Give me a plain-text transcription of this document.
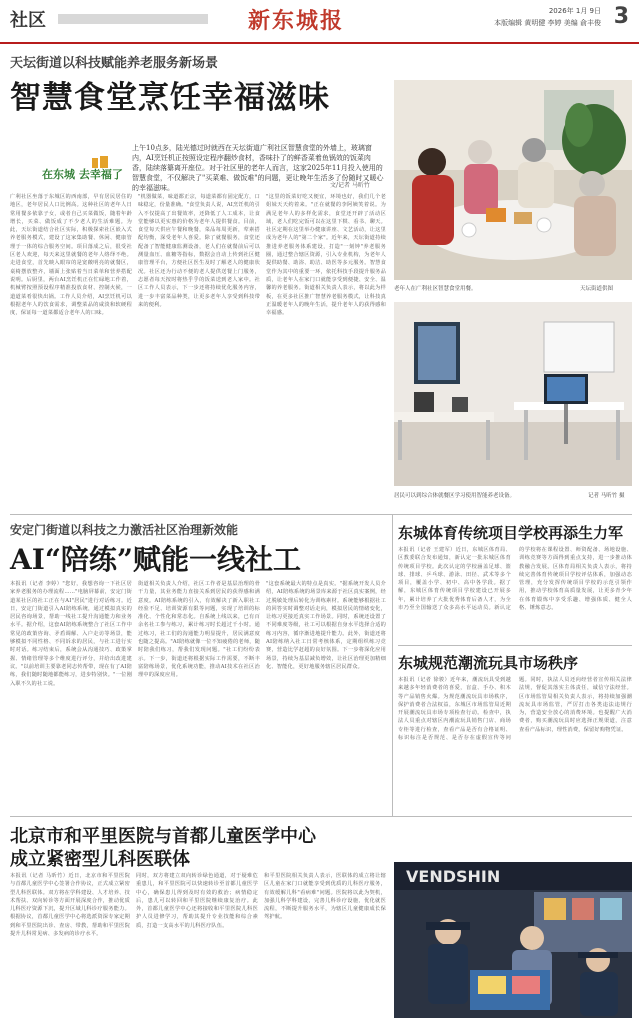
社区	新东城报	2026年 1月 9日
本版编辑 黄明健 李婷 美编 俞丰俊 3
天坛街道以科技赋能养老服务新场景
智慧食堂烹饪幸福滋味
在东城 去幸福了
上午10点多，陆光德过时就西在天坛街道广利社区智慧食堂的外墙上，玻璃窗内，AI烹饪机正按照设定程序翻炒食材，香味扑了的鲜香菜着鱼锅效的饭菜肉香，陆续落纂离开座位。对于社区里的老年人而言，这家2025年11月投入使用的智慧食堂，不仅解决了"买菜难、做饭难"的问题，更让晚年生活多了份随时又暖心的幸福滋味。	文/记者 马昕竹
广利社区坐落于东城区的西南部，早有居民居住的地区，老年居民人口比例高。这种社区的老年人日常用餐多依靠子女，或者自己买菜做饭，随着年龄增长，买菜、做饭成了不少老人的生活难题。为此，天坛街道结合社区实际，积极探索社区嵌入式养老服务模式，建设了这家集助餐、休闲、健康管理于一体的综合服务空间。项目落成之后，很受社区老人欢迎，每天来这里就餐的老年人络绎不绝。走进食堂，首先映入眼帘的是宽敞明亮的就餐区，桌椅摆放整齐，墙面上张贴着当日菜单和营养搭配说明。后厨里，两台AI烹饪机正在忙碌地工作着，机械臂按照预设程序精准投放食材、控制火候，一道道菜肴很快出锅。工作人员介绍，AI烹饪机可以根据老年人的饮食需求，调整菜品的咸淡和软硬程度，保证每一道菜都适合老年人的口味。
"机器做菜，味道都正宗，每道菜都有固定配方，口味稳定，份量准确。"食堂负责人说，AI烹饪机的引入不仅提高了出餐效率，还降低了人工成本，让食堂能够以更实惠的价格为老年人提供餐食。目前，食堂每天供应午餐和晚餐，菜品每周更新，荤素搭配均衡，深受老年人喜爱。除了就餐服务，食堂还配备了智能健康监测设备，老人们在就餐前后可以测量血压、血糖等指标，数据会自动上传到社区健康管理平台，方便社区医生及时了解老人的健康状况。社区还为行动不便的老人提供送餐上门服务，志愿者每天按时将热乎乎的饭菜送到老人家中。社区工作人员表示，下一步还将持续优化服务内容，进一步丰富菜品种类，让更多老年人享受到科技带来的便利。
"这里的饭菜好吃又便宜，环境也好，我们几个老姐妹天天约着来。"正在就餐的李阿姨笑着说。为满足老年人的多样化需求，食堂还开辟了活动区域，老人们吃完饭可以在这里下棋、看书、聊天。社区定期在这里举办健康讲座、文艺活动，让这里成为老年人的"第二个家"。近年来，天坛街道持续推进养老服务体系建设，打造"一刻钟"养老服务圈，通过整合辖区资源，引入专业机构，为老年人提供助餐、助浴、助洁、助医等多元服务。智慧食堂作为其中的重要一环，依托科技手段提升服务品质，让老年人在家门口就能享受到便捷、安全、温馨的养老服务。街道相关负责人表示，将以此为样板，在更多社区推广智慧养老服务模式，让科技真正温暖老年人的晚年生活，提升老年人的获得感和幸福感。
老年人在广利社区智慧食堂用餐。	天坛街道供图
居民可以到综合体就餐区学习使用智能养老设备。	记者 马昕竹 摄
安定门街道以科技之力激活社区治理新效能
AI“陪练”赋能一线社工
本报讯（记者 李婷）"您好，我想咨询一下社区居家养老服务的办理流程……"电脑屏幕前，安定门街道某社区的社工正在与AI"居民"进行对话练习。近日，安定门街道引入AI陪练系统，通过模拟真实的居民咨询场景，帮助一线社工提升沟通能力和业务水平。据介绍，这套AI陪练系统整合了社区工作中常见的政策咨询、矛盾调解、入户走访等场景，能够模拟不同性格、不同诉求的居民，与社工进行实时对话。练习结束后，系统会从沟通技巧、政策掌握、情绪管理等多个维度进行评分，并给出改进建议。"以前培训主要靠老同志传帮带，现在有了AI陪练，我们随时随地都能练习，进步特别快。"一位刚入职不久的社工说。
街道相关负责人介绍，社区工作者是基层治理的骨干力量，其业务能力直接关系到居民的获得感和满意度。AI陪练系统的引入，有效解决了新入职社工经验不足、培训资源有限等问题，实现了培训的标准化、个性化和常态化。自系统上线以来，已有百余名社工参与练习，累计练习时长超过千小时。通过练习，社工们的沟通能力明显提升，居民满意度也随之提高。"AI陪练就像一位不知疲倦的老师，随时陪我们练习，帮我们发现问题。"社工们纷纷表示。下一步，街道还将根据实际工作需要，不断丰富陪练场景，优化系统功能，推动AI技术在社区治理中的深度应用。
"这套系统最大的特点是真实。"据系统开发人员介绍，AI陪练系统的场景库来源于社区真实案例，经过脱敏处理后转化为训练素材。系统能够根据社工的回答实时调整对话走向，模拟居民的情绪变化，让练习更接近真实工作场景。同时，系统还设置了不同难度等级，社工可以根据自身水平选择合适的练习内容，循序渐进地提升能力。此外，街道还将AI陪练纳入社工日常考核体系，定期组织练习竞赛，营造比学赶超的良好氛围。下一步将深化应用场景，持续为基层减负增效，让社区治理更加精细化、智能化，更好地服务辖区居民群众。
东城体育传统项目学校再添生力军
本报讯（记者 王建军）近日，东城区体育局、区教委联合发布通知，新认定一批东城区体育传统项目学校。此次认定的学校涵盖足球、篮球、排球、乒乓球、游泳、田径、武术等多个项目，覆盖小学、初中、高中各学段。据了解，东城区体育传统项目学校建设已开展多年，累计培养了大批优秀体育后备人才，为全市乃至全国输送了众多高水平运动员。新认定的学校将在课程设置、师资配备、场地设施、训练竞赛等方面得到重点支持，进一步推动体教融合发展。区体育局相关负责人表示，将持续完善体育传统项目学校评估体系，加强动态管理，充分发挥传统项目学校的示范引领作用，推动学校体育高质量发展，让更多青少年在体育锻炼中享受乐趣、增强体质、健全人格、锤炼意志。
东城规范潮流玩具市场秩序
本报讯（记者 徐骏）近年来，潮流玩具受到越来越多年轻消费者的喜爱，盲盒、手办、积木等产品销售火爆。为规范潮流玩具市场秩序，保护消费者合法权益，东城区市场监管局近期开展潮流玩具市场专项检查行动。检查中，执法人员重点对辖区内潮流玩具销售门店、商场专柜等进行检查，查看产品是否有合格证明、标识标注是否规范、是否存在虚假宣传等问题。同时，执法人员还向经营者宣传相关法律法规，督促其落实主体责任，诚信守法经营。区市场监管局相关负责人表示，将持续加强潮流玩具市场监管，严厉打击各类违法违规行为，营造安全放心的消费环境。也提醒广大消费者，购买潮流玩具时应选择正规渠道，注意查看产品标识，理性消费，保留好购物凭证。
北京市和平里医院与首都儿童医学中心
成立紧密型儿科医联体
本报讯（记者 马昕竹）近日，北京市和平里医院与首都儿童医学中心签署合作协议，正式成立紧密型儿科医联体。双方将在学科建设、人才培养、技术帮扶、双向转诊等方面开展深度合作，推动优质儿科医疗资源下沉，提升区域儿科诊疗服务能力。根据协议，首都儿童医学中心将选派资深专家定期到和平里医院出诊、查房、带教，帮助和平里医院提升儿科常见病、多发病的诊疗水平。
同时，双方将建立双向转诊绿色通道，对于疑难危重患儿，和平里医院可以快速转诊至首都儿童医学中心，确保患儿得到及时有效的救治；病情稳定后，患儿可以转回和平里医院继续康复治疗。此外，首都儿童医学中心还将接收和平里医院儿科医护人员进修学习，帮助其提升专业技能和综合素质，打造一支高水平的儿科医疗队伍。
和平里医院相关负责人表示，医联体的成立将让辖区儿童在家门口就能享受到优质的儿科医疗服务，有效缓解儿科"看病难"问题。医院将以此为契机，加强儿科学科建设，完善儿科诊疗设施，优化就医流程，不断提升服务水平，为辖区儿童健康成长保驾护航。
VENDSHIN
